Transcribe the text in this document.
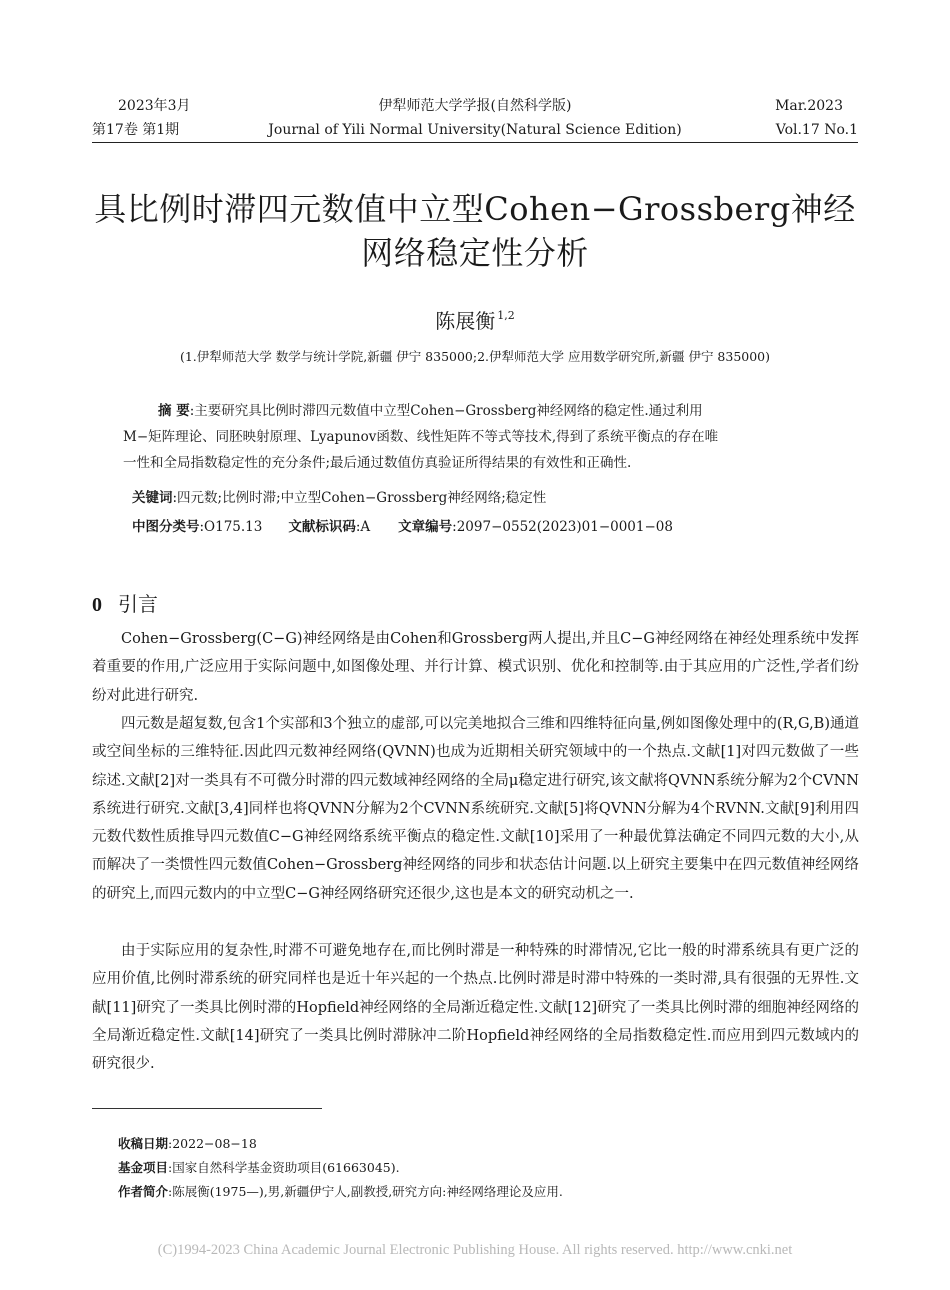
2023年3月	伊犁师范大学学报(自然科学版)	Mar.2023
第17卷 第1期	Journal of Yili Normal University(Natural Science Edition)	Vol.17 No.1
具比例时滞四元数值中立型Cohen−Grossberg神经
网络稳定性分析
陈展衡 $^{1,2}$
(1.伊犁师范大学 数学与统计学院,新疆 伊宁 835000;2.伊犁师范大学 应用数学研究所,新疆 伊宁 835000)
摘 要:主要研究具比例时滞四元数值中立型Cohen−Grossberg神经网络的稳定性.通过利用
M−矩阵理论、同胚映射原理、Lyapunov函数、线性矩阵不等式等技术,得到了系统平衡点的存在唯
一性和全局指数稳定性的充分条件;最后通过数值仿真验证所得结果的有效性和正确性.
关键词:四元数;比例时滞;中立型Cohen−Grossberg神经网络;稳定性
中图分类号:O175.13 文献标识码:A 文章编号:2097−0552(2023)01−0001−08
0 引言

Cohen−Grossberg(C−G)神经网络是由Cohen和Grossberg两人提出,并且C−G神经网络在神经处理系统中发挥着重要的作用,广泛应用于实际问题中,如图像处理、并行计算、模式识别、优化和控制等.由于其应用的广泛性,学者们纷纷对此进行研究.

四元数是超复数,包含1个实部和3个独立的虚部,可以完美地拟合三维和四维特征向量,例如图像处理中的(R,G,B)通道或空间坐标的三维特征.因此四元数神经网络(QVNN)也成为近期相关研究领域中的一个热点.文献[1]对四元数做了一些综述.文献[2]对一类具有不可微分时滞的四元数域神经网络的全局μ稳定进行研究,该文献将QVNN系统分解为2个CVNN系统进行研究.文献[3,4]同样也将QVNN分解为2个CVNN系统研究.文献[5]将QVNN分解为4个RVNN.文献[9]利用四元数代数性质推导四元数值C−G神经网络系统平衡点的稳定性.文献[10]采用了一种最优算法确定不同四元数的大小,从而解决了一类惯性四元数值Cohen−Grossberg神经网络的同步和状态估计问题.以上研究主要集中在四元数值神经网络的研究上,而四元数内的中立型C−G神经网络研究还很少,这也是本文的研究动机之一.

由于实际应用的复杂性,时滞不可避免地存在,而比例时滞是一种特殊的时滞情况,它比一般的时滞系统具有更广泛的应用价值,比例时滞系统的研究同样也是近十年兴起的一个热点.比例时滞是时滞中特殊的一类时滞,具有很强的无界性.文献[11]研究了一类具比例时滞的Hopfield神经网络的全局渐近稳定性.文献[12]研究了一类具比例时滞的细胞神经网络的全局渐近稳定性.文献[14]研究了一类具比例时滞脉冲二阶Hopfield神经网络的全局指数稳定性.而应用到四元数域内的研究很少.

收稿日期:2022−08−18
基金项目:国家自然科学基金资助项目(61663045).
作者简介:陈展衡(1975—),男,新疆伊宁人,副教授,研究方向:神经网络理论及应用.
(C)1994-2023 China Academic Journal Electronic Publishing House. All rights reserved. http://www.cnki.net
